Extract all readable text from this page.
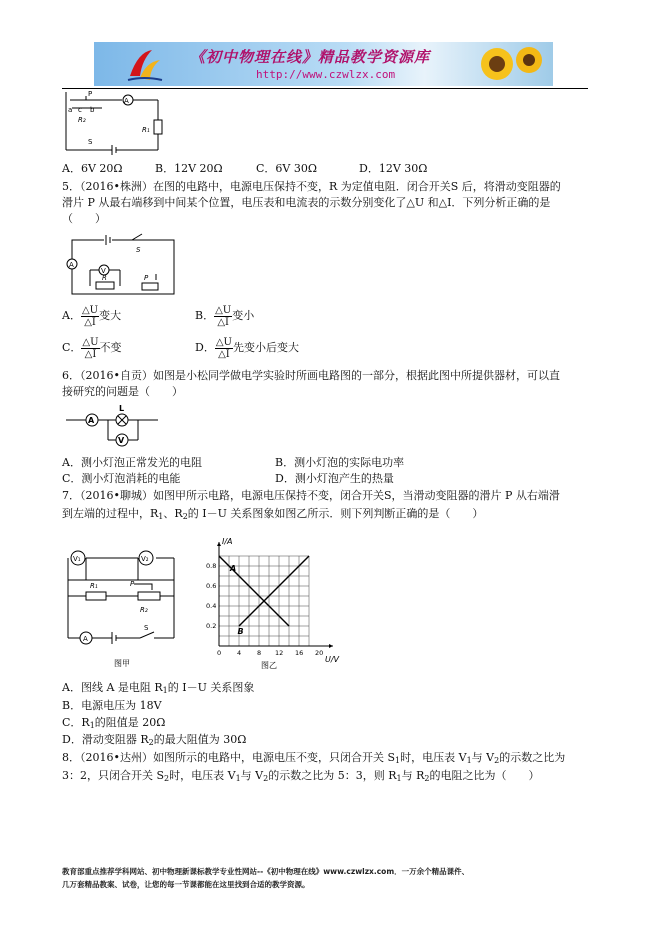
《初中物理在线》精品教学资源库
http://www.czwlzx.com
a c b
P
A
R₂
R₁
S
A．6V 20Ω	B．12V 20Ω	C．6V 30Ω	D．12V 30Ω
5．（2016•株洲）在图的电路中，电源电压保持不变，R 为定值电阻．闭合开关S 后，将滑动变阻器的
滑片 P 从最右端移到中间某个位置，电压表和电流表的示数分别变化了△U 和△I．下列分析正确的是
（　　）
S
A
V
R	P
A． $\frac{\triangle U}{\triangle I}$ 变大	B． $\frac{\triangle U}{\triangle I}$ 变小
C． $\frac{\triangle U}{\triangle I}$ 不变	D． $\frac{\triangle U}{\triangle I}$ 先变小后变大
6．（2016•自贡）如图是小松同学做电学实验时所画电路图的一部分，根据此图中所提供器材，可以直
接研究的问题是（　　）
A
L
V
A．测小灯泡正常发光的电阻	B．测小灯泡的实际电功率
C．测小灯泡消耗的电能	D．测小灯泡产生的热量
7．（2016•聊城）如图甲所示电路，电源电压保持不变，闭合开关S，当滑动变阻器的滑片 P 从右端滑
到左端的过程中，$R_1$、$R_2$的 I－U 关系图象如图乙所示．则下列判断正确的是（　　）
V₁	V₂
R₁	P
R₂
A
S
图甲
A
B
0 4 8 12 16 20
0.2
0.4
0.6
0.8
U/V
I/A
图乙
A．图线 A 是电阻 $R_1$的 I－U 关系图象
B．电源电压为 18V
C．$R_1$的阻值是 20Ω
D．滑动变阻器 $R_2$的最大阻值为 30Ω
8．（2016•达州）如图所示的电路中，电源电压不变，只闭合开关 $S_1$时，电压表 $V_1$与 $V_2$的示数之比为
3：2，只闭合开关 $S_2$时，电压表 $V_1$与 $V_2$的示数之比为 5：3，则 $R_1$与 $R_2$的电阻之比为（　　）
教育部重点推荐学科网站、初中物理新课标教学专业性网站--《初中物理在线》www.czwlzx.com．一万余个精品课件、
几万套精品教案、试卷，让您的每一节课都能在这里找到合适的教学资源。
